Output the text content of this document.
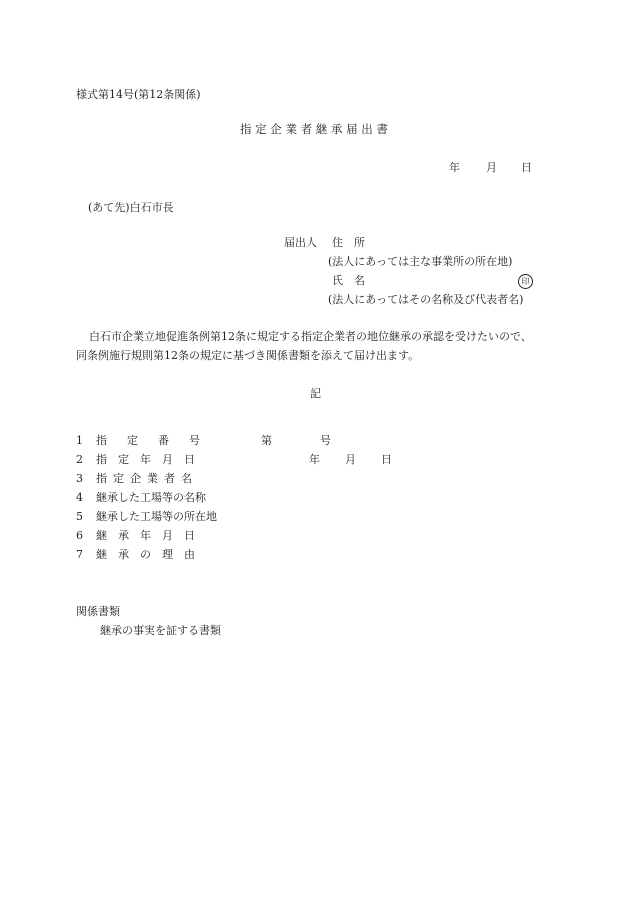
様式第14号(第12条関係)
指 定 企 業 者 継 承 届 出 書
年 月 日
(あて先)白石市長
届出人 住　所
(法人にあっては主な事業所の所在地)
氏　名	印
(法人にあってはその名称及び代表者名)
白石市企業立地促進条例第12条に規定する指定企業者の地位継承の承認を受けたいので、
同条例施行規則第12条の規定に基づき関係書類を添えて届け出ます。
記
1 指定番号	第	号
2 指定年月日	年 月 日
3 指定企業者名
4 継承した工場等の名称
5 継承した工場等の所在地
6 継承年月日
7 継承の理由
関係書類
継承の事実を証する書類
